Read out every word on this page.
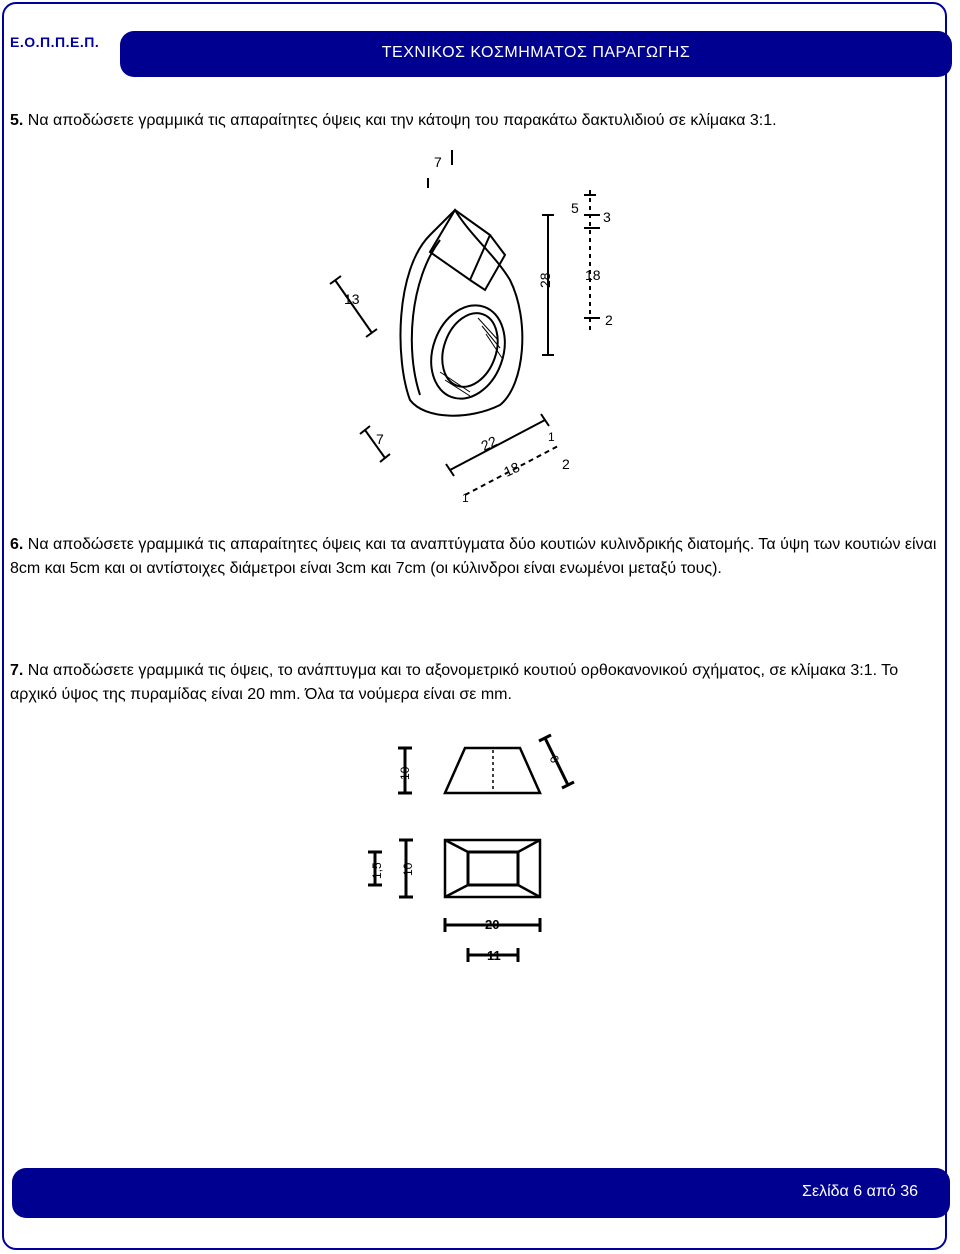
Ε.Ο.Π.Π.Ε.Π.
ΤΕΧΝΙΚΟΣ ΚΟΣΜΗΜΑΤΟΣ ΠΑΡΑΓΩΓΗΣ
5. Να αποδώσετε γραμμικά τις απαραίτητες όψεις και την κάτοψη του παρακάτω δακτυλιδιού σε κλίμακα 3:1.
7
13
28
5
3
18
2
7	22
18
1
2
1
6. Να αποδώσετε γραμμικά τις απαραίτητες όψεις και τα αναπτύγματα δύο κουτιών κυλινδρικής διατομής. Τα ύψη των κουτιών είναι 8cm και 5cm και οι αντίστοιχες διάμετροι είναι 3cm και 7cm (οι κύλινδροι είναι ενωμένοι μεταξύ τους).
7. Να αποδώσετε γραμμικά τις όψεις, το ανάπτυγμα και το αξονομετρικό κουτιού ορθοκανονικού σχήματος, σε κλίμακα 3:1. Το αρχικό ύψος της πυραμίδας είναι 20 mm. Όλα τα νούμερα είναι σε mm.
10
6
1,5 10
20
11
Σελίδα 6 από 36
